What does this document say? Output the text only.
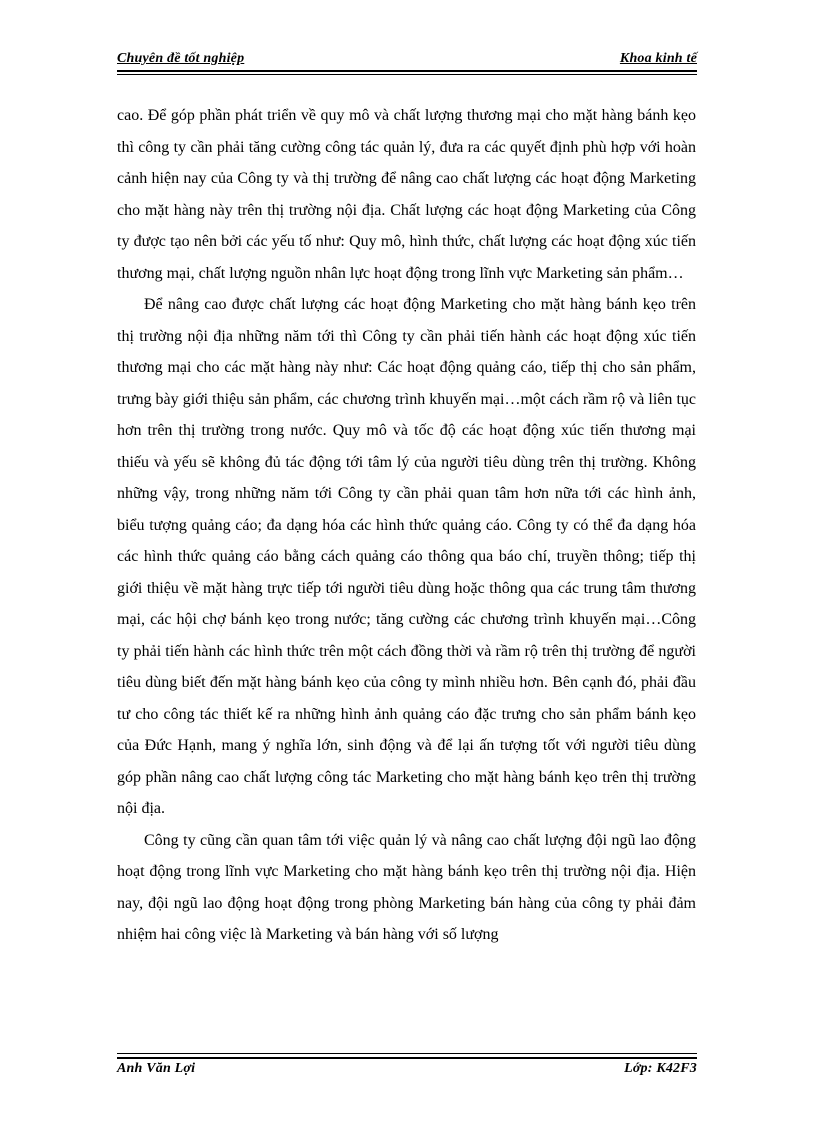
Chuyên đề tốt nghiệp	Khoa kinh tế

cao. Để góp phần phát triển về quy mô và chất lượng thương mại cho mặt hàng bánh kẹo thì công ty cần phải tăng cường công tác quản lý, đưa ra các quyết định phù hợp với hoàn cảnh hiện nay của Công ty và thị trường để nâng cao chất lượng các hoạt động Marketing cho mặt hàng này trên thị trường nội địa. Chất lượng các hoạt động Marketing của Công ty được tạo nên bởi các yếu tố như: Quy mô, hình thức, chất lượng các hoạt động xúc tiến thương mại, chất lượng nguồn nhân lực hoạt động trong lĩnh vực Marketing sản phẩm…

Để nâng cao được chất lượng các hoạt động Marketing cho mặt hàng bánh kẹo trên thị trường nội địa những năm tới thì Công ty cần phải tiến hành các hoạt động xúc tiến thương mại cho các mặt hàng này như: Các hoạt động quảng cáo, tiếp thị cho sản phẩm, trưng bày giới thiệu sản phẩm, các chương trình khuyến mại…một cách rầm rộ và liên tục hơn trên thị trường trong nước. Quy mô và tốc độ các hoạt động xúc tiến thương mại thiếu và yếu sẽ không đủ tác động tới tâm lý của người tiêu dùng trên thị trường. Không những vậy, trong những năm tới Công ty cần phải quan tâm hơn nữa tới các hình ảnh, biểu tượng quảng cáo; đa dạng hóa các hình thức quảng cáo. Công ty có thể đa dạng hóa các hình thức quảng cáo bằng cách quảng cáo thông qua báo chí, truyền thông; tiếp thị giới thiệu về mặt hàng trực tiếp tới người tiêu dùng hoặc thông qua các trung tâm thương mại, các hội chợ bánh kẹo trong nước; tăng cường các chương trình khuyến mại…Công ty phải tiến hành các hình thức trên một cách đồng thời và rầm rộ trên thị trường để người tiêu dùng biết đến mặt hàng bánh kẹo của công ty mình nhiều hơn. Bên cạnh đó, phải đầu tư cho công tác thiết kế ra những hình ảnh quảng cáo đặc trưng cho sản phẩm bánh kẹo của Đức Hạnh, mang ý nghĩa lớn, sinh động và để lại ấn tượng tốt với người tiêu dùng góp phần nâng cao chất lượng công tác Marketing cho mặt hàng bánh kẹo trên thị trường nội địa.

Công ty cũng cần quan tâm tới việc quản lý và nâng cao chất lượng đội ngũ lao động hoạt động trong lĩnh vực Marketing cho mặt hàng bánh kẹo trên thị trường nội địa. Hiện nay, đội ngũ lao động hoạt động trong phòng Marketing bán hàng của công ty phải đảm nhiệm hai công việc là Marketing và bán hàng với số lượng

Anh Văn Lợi	Lớp: K42F3
